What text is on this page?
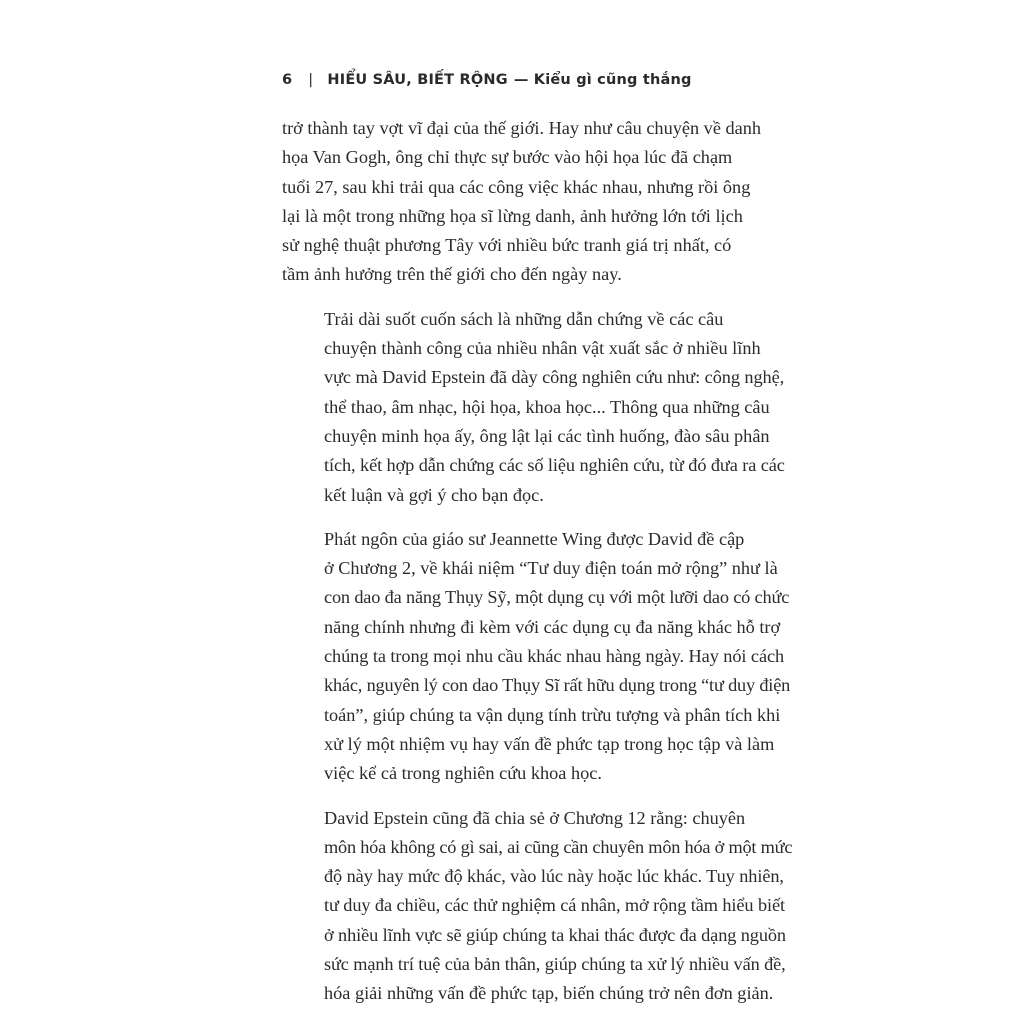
6 | HIỂU SÂU, BIẾT RỘNG — Kiểu gì cũng thắng
trở thành tay vợt vĩ đại của thế giới. Hay như câu chuyện về danh
họa Van Gogh, ông chỉ thực sự bước vào hội họa lúc đã chạm
tuổi 27, sau khi trải qua các công việc khác nhau, nhưng rồi ông
lại là một trong những họa sĩ lừng danh, ảnh hưởng lớn tới lịch
sử nghệ thuật phương Tây với nhiều bức tranh giá trị nhất, có
tầm ảnh hưởng trên thế giới cho đến ngày nay.
Trải dài suốt cuốn sách là những dẫn chứng về các câu
chuyện thành công của nhiều nhân vật xuất sắc ở nhiều lĩnh
vực mà David Epstein đã dày công nghiên cứu như: công nghệ,
thể thao, âm nhạc, hội họa, khoa học... Thông qua những câu
chuyện minh họa ấy, ông lật lại các tình huống, đào sâu phân
tích, kết hợp dẫn chứng các số liệu nghiên cứu, từ đó đưa ra các
kết luận và gợi ý cho bạn đọc.
Phát ngôn của giáo sư Jeannette Wing được David đề cập
ở Chương 2, về khái niệm “Tư duy điện toán mở rộng” như là
con dao đa năng Thụy Sỹ, một dụng cụ với một lưỡi dao có chức
năng chính nhưng đi kèm với các dụng cụ đa năng khác hỗ trợ
chúng ta trong mọi nhu cầu khác nhau hàng ngày. Hay nói cách
khác, nguyên lý con dao Thụy Sĩ rất hữu dụng trong “tư duy điện
toán”, giúp chúng ta vận dụng tính trừu tượng và phân tích khi
xử lý một nhiệm vụ hay vấn đề phức tạp trong học tập và làm
việc kể cả trong nghiên cứu khoa học.
David Epstein cũng đã chia sẻ ở Chương 12 rằng: chuyên
môn hóa không có gì sai, ai cũng cần chuyên môn hóa ở một mức
độ này hay mức độ khác, vào lúc này hoặc lúc khác. Tuy nhiên,
tư duy đa chiều, các thử nghiệm cá nhân, mở rộng tầm hiểu biết
ở nhiều lĩnh vực sẽ giúp chúng ta khai thác được đa dạng nguồn
sức mạnh trí tuệ của bản thân, giúp chúng ta xử lý nhiều vấn đề,
hóa giải những vấn đề phức tạp, biến chúng trở nên đơn giản.
